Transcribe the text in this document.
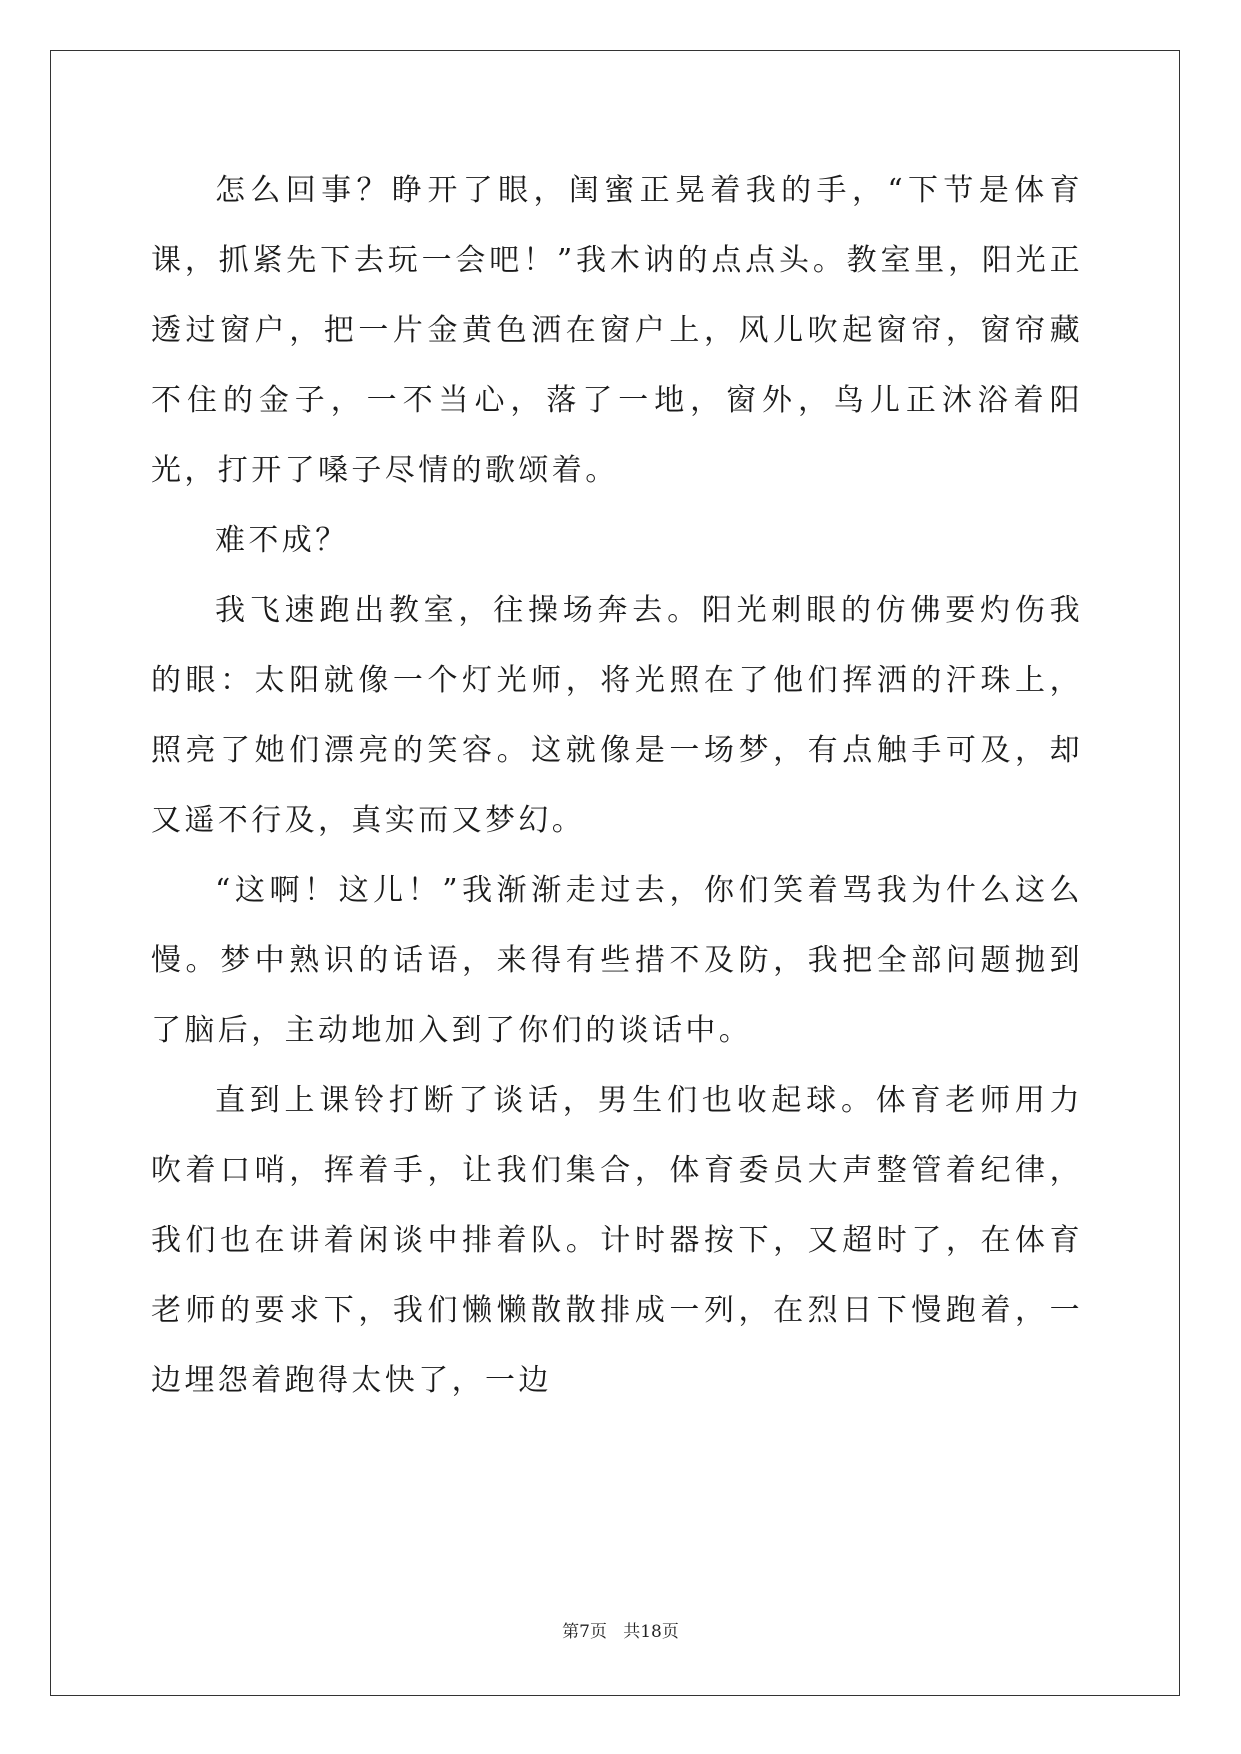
怎么回事？睁开了眼，闺蜜正晃着我的手，“下节是体育课，抓紧先下去玩一会吧！”我木讷的点点头。教室里，阳光正透过窗户，把一片金黄色洒在窗户上，风儿吹起窗帘，窗帘藏不住的金子，一不当心，落了一地，窗外，鸟儿正沐浴着阳光，打开了嗓子尽情的歌颂着。

难不成？

我飞速跑出教室，往操场奔去。阳光刺眼的仿佛要灼伤我的眼：太阳就像一个灯光师，将光照在了他们挥洒的汗珠上，照亮了她们漂亮的笑容。这就像是一场梦，有点触手可及，却又遥不行及，真实而又梦幻。

“这啊！这儿！”我渐渐走过去，你们笑着骂我为什么这么慢。梦中熟识的话语，来得有些措不及防，我把全部问题抛到了脑后，主动地加入到了你们的谈话中。

直到上课铃打断了谈话，男生们也收起球。体育老师用力吹着口哨，挥着手，让我们集合，体育委员大声整管着纪律，我们也在讲着闲谈中排着队。计时器按下，又超时了，在体育老师的要求下，我们懒懒散散排成一列，在烈日下慢跑着，一边埋怨着跑得太快了，一边

第7页 共18页
